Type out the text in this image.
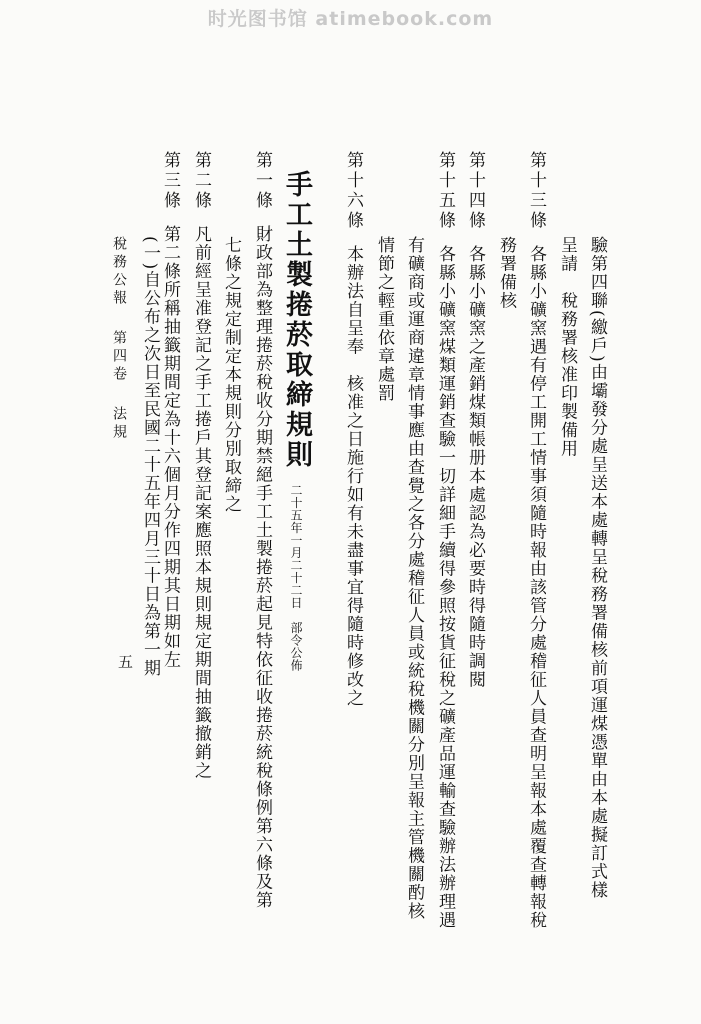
时光图书馆 atimebook.com
驗第四聯(繳戶)由壩發分處呈送本處轉呈稅務署備核前項運煤憑單由本處擬訂式樣
呈請　稅務署核准印製備用
第十三條各縣小礦窯遇有停工開工情事須隨時報由該管分處稽征人員查明呈報本處覆查轉報稅
務署備核
第十四條各縣小礦窯之產銷煤類帳册本處認為必要時得隨時調閱
第十五條各縣小礦窯煤類運銷查驗一切詳細手續得參照按貨征稅之礦產品運輸查驗辦法辦理遇
有礦商或運商違章情事應由查覺之各分處稽征人員或統稅機關分別呈報主管機關酌核
情節之輕重依章處罰
第十六條本辦法自呈奉　核准之日施行如有未盡事宜得隨時修改之
手工土製捲菸取締規則二十五年一月二十二日　部令公佈
第一條財政部為整理捲菸稅收分期禁絕手工土製捲菸起見特依征收捲菸統稅條例第六條及第
七條之規定制定本規則分別取締之
第二條凡前經呈准登記之手工捲戶其登記案應照本規則規定期間抽籤撤銷之
第三條第二條所稱抽籤期間定為十六個月分作四期其日期如左
(一)自公布之次日至民國二十五年四月三十日為第一期
稅務公報第四卷法規
五
